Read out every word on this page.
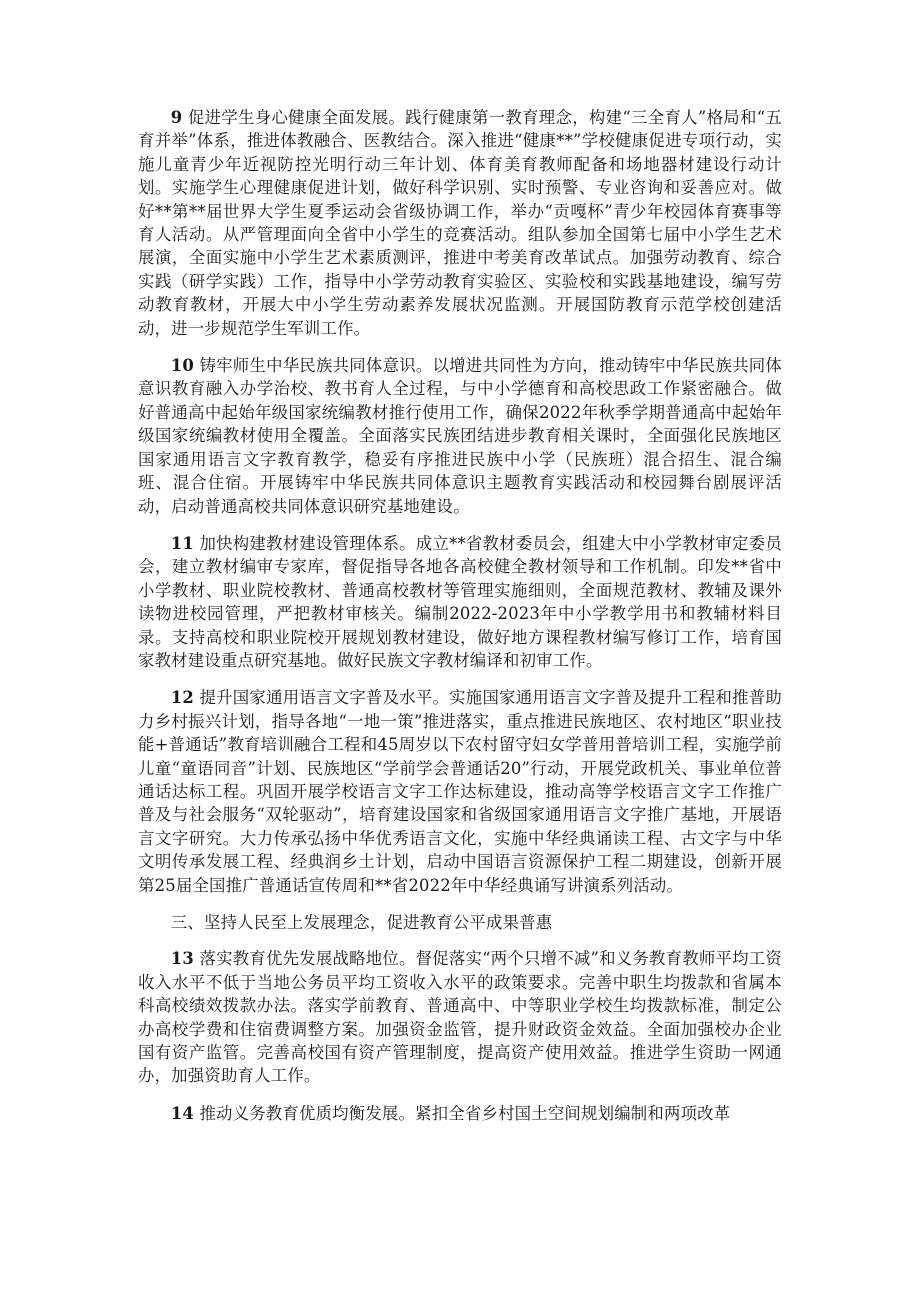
9 促进学生身心健康全面发展。践行健康第一教育理念，构建“三全育人”格局和“五育并举”体系，推进体教融合、医教结合。深入推进“健康**”学校健康促进专项行动，实施儿童青少年近视防控光明行动三年计划、体育美育教师配备和场地器材建设行动计划。实施学生心理健康促进计划，做好科学识别、实时预警、专业咨询和妥善应对。做好**第**届世界大学生夏季运动会省级协调工作，举办“贡嘎杯”青少年校园体育赛事等育人活动。从严管理面向全省中小学生的竞赛活动。组队参加全国第七届中小学生艺术展演，全面实施中小学生艺术素质测评，推进中考美育改革试点。加强劳动教育、综合实践（研学实践）工作，指导中小学劳动教育实验区、实验校和实践基地建设，编写劳动教育教材，开展大中小学生劳动素养发展状况监测。开展国防教育示范学校创建活动，进一步规范学生军训工作。

10 铸牢师生中华民族共同体意识。以增进共同性为方向，推动铸牢中华民族共同体意识教育融入办学治校、教书育人全过程，与中小学德育和高校思政工作紧密融合。做好普通高中起始年级国家统编教材推行使用工作，确保2022年秋季学期普通高中起始年级国家统编教材使用全覆盖。全面落实民族团结进步教育相关课时，全面强化民族地区国家通用语言文字教育教学，稳妥有序推进民族中小学（民族班）混合招生、混合编班、混合住宿。开展铸牢中华民族共同体意识主题教育实践活动和校园舞台剧展评活动，启动普通高校共同体意识研究基地建设。

11 加快构建教材建设管理体系。成立**省教材委员会，组建大中小学教材审定委员会，建立教材编审专家库，督促指导各地各高校健全教材领导和工作机制。印发**省中小学教材、职业院校教材、普通高校教材等管理实施细则，全面规范教材、教辅及课外读物进校园管理，严把教材审核关。编制2022-2023年中小学教学用书和教辅材料目录。支持高校和职业院校开展规划教材建设，做好地方课程教材编写修订工作，培育国家教材建设重点研究基地。做好民族文字教材编译和初审工作。

12 提升国家通用语言文字普及水平。实施国家通用语言文字普及提升工程和推普助力乡村振兴计划，指导各地“一地一策”推进落实，重点推进民族地区、农村地区“职业技能+普通话”教育培训融合工程和45周岁以下农村留守妇女学普用普培训工程，实施学前儿童“童语同音”计划、民族地区“学前学会普通话20”行动，开展党政机关、事业单位普通话达标工程。巩固开展学校语言文字工作达标建设，推动高等学校语言文字工作推广普及与社会服务“双轮驱动”，培育建设国家和省级国家通用语言文字推广基地，开展语言文字研究。大力传承弘扬中华优秀语言文化，实施中华经典诵读工程、古文字与中华文明传承发展工程、经典润乡土计划，启动中国语言资源保护工程二期建设，创新开展第25届全国推广普通话宣传周和**省2022年中华经典诵写讲演系列活动。

三、坚持人民至上发展理念，促进教育公平成果普惠

13 落实教育优先发展战略地位。督促落实“两个只增不减”和义务教育教师平均工资收入水平不低于当地公务员平均工资收入水平的政策要求。完善中职生均拨款和省属本科高校绩效拨款办法。落实学前教育、普通高中、中等职业学校生均拨款标准，制定公办高校学费和住宿费调整方案。加强资金监管，提升财政资金效益。全面加强校办企业国有资产监管。完善高校国有资产管理制度，提高资产使用效益。推进学生资助一网通办，加强资助育人工作。

14 推动义务教育优质均衡发展。紧扣全省乡村国土空间规划编制和两项改革
